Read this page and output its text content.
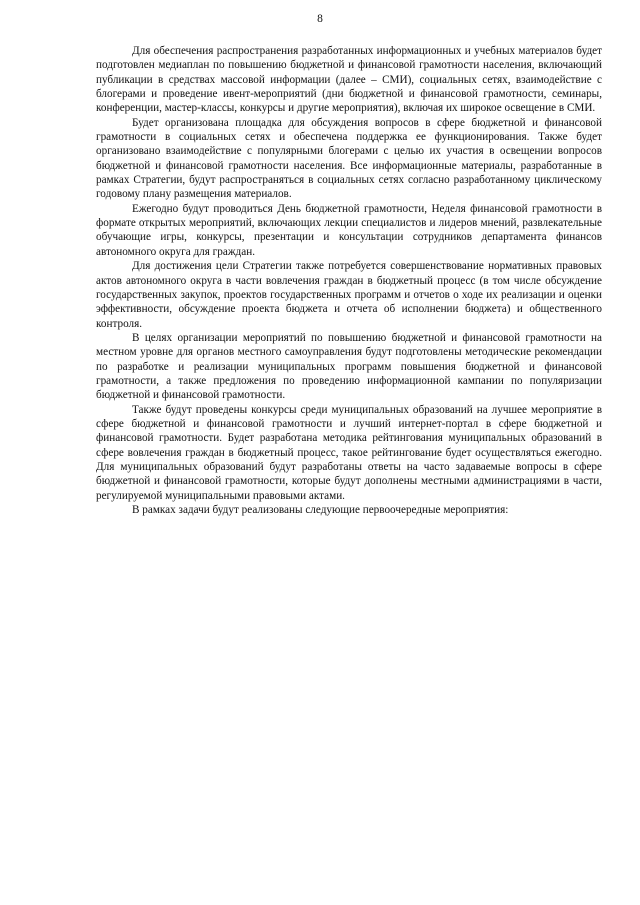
8

Для обеспечения распространения разработанных информационных и учебных материалов будет подготовлен медиаплан по повышению бюджетной и финансовой грамотности населения, включающий публикации в средствах массовой информации (далее – СМИ), социальных сетях, взаимодействие с блогерами и проведение ивент-мероприятий (дни бюджетной и финансовой грамотности, семинары, конференции, мастер-классы, конкурсы и другие мероприятия), включая их широкое освещение в СМИ.

Будет организована площадка для обсуждения вопросов в сфере бюджетной и финансовой грамотности в социальных сетях и обеспечена поддержка ее функционирования. Также будет организовано взаимодействие с популярными блогерами с целью их участия в освещении вопросов бюджетной и финансовой грамотности населения. Все информационные материалы, разработанные в рамках Стратегии, будут распространяться в социальных сетях согласно разработанному циклическому годовому плану размещения материалов.

Ежегодно будут проводиться День бюджетной грамотности, Неделя финансовой грамотности в формате открытых мероприятий, включающих лекции специалистов и лидеров мнений, развлекательные обучающие игры, конкурсы, презентации и консультации сотрудников департамента финансов автономного округа для граждан.

Для достижения цели Стратегии также потребуется совершенствование нормативных правовых актов автономного округа в части вовлечения граждан в бюджетный процесс (в том числе обсуждение государственных закупок, проектов государственных программ и отчетов о ходе их реализации и оценки эффективности, обсуждение проекта бюджета и отчета об исполнении бюджета) и общественного контроля.

В целях организации мероприятий по повышению бюджетной и финансовой грамотности на местном уровне для органов местного самоуправления будут подготовлены методические рекомендации по разработке и реализации муниципальных программ повышения бюджетной и финансовой грамотности, а также предложения по проведению информационной кампании по популяризации бюджетной и финансовой грамотности.

Также будут проведены конкурсы среди муниципальных образований на лучшее мероприятие в сфере бюджетной и финансовой грамотности и лучший интернет-портал в сфере бюджетной и финансовой грамотности. Будет разработана методика рейтингования муниципальных образований в сфере вовлечения граждан в бюджетный процесс, такое рейтингование будет осуществляться ежегодно. Для муниципальных образований будут разработаны ответы на часто задаваемые вопросы в сфере бюджетной и финансовой грамотности, которые будут дополнены местными администрациями в части, регулируемой муниципальными правовыми актами.

В рамках задачи будут реализованы следующие первоочередные мероприятия:
